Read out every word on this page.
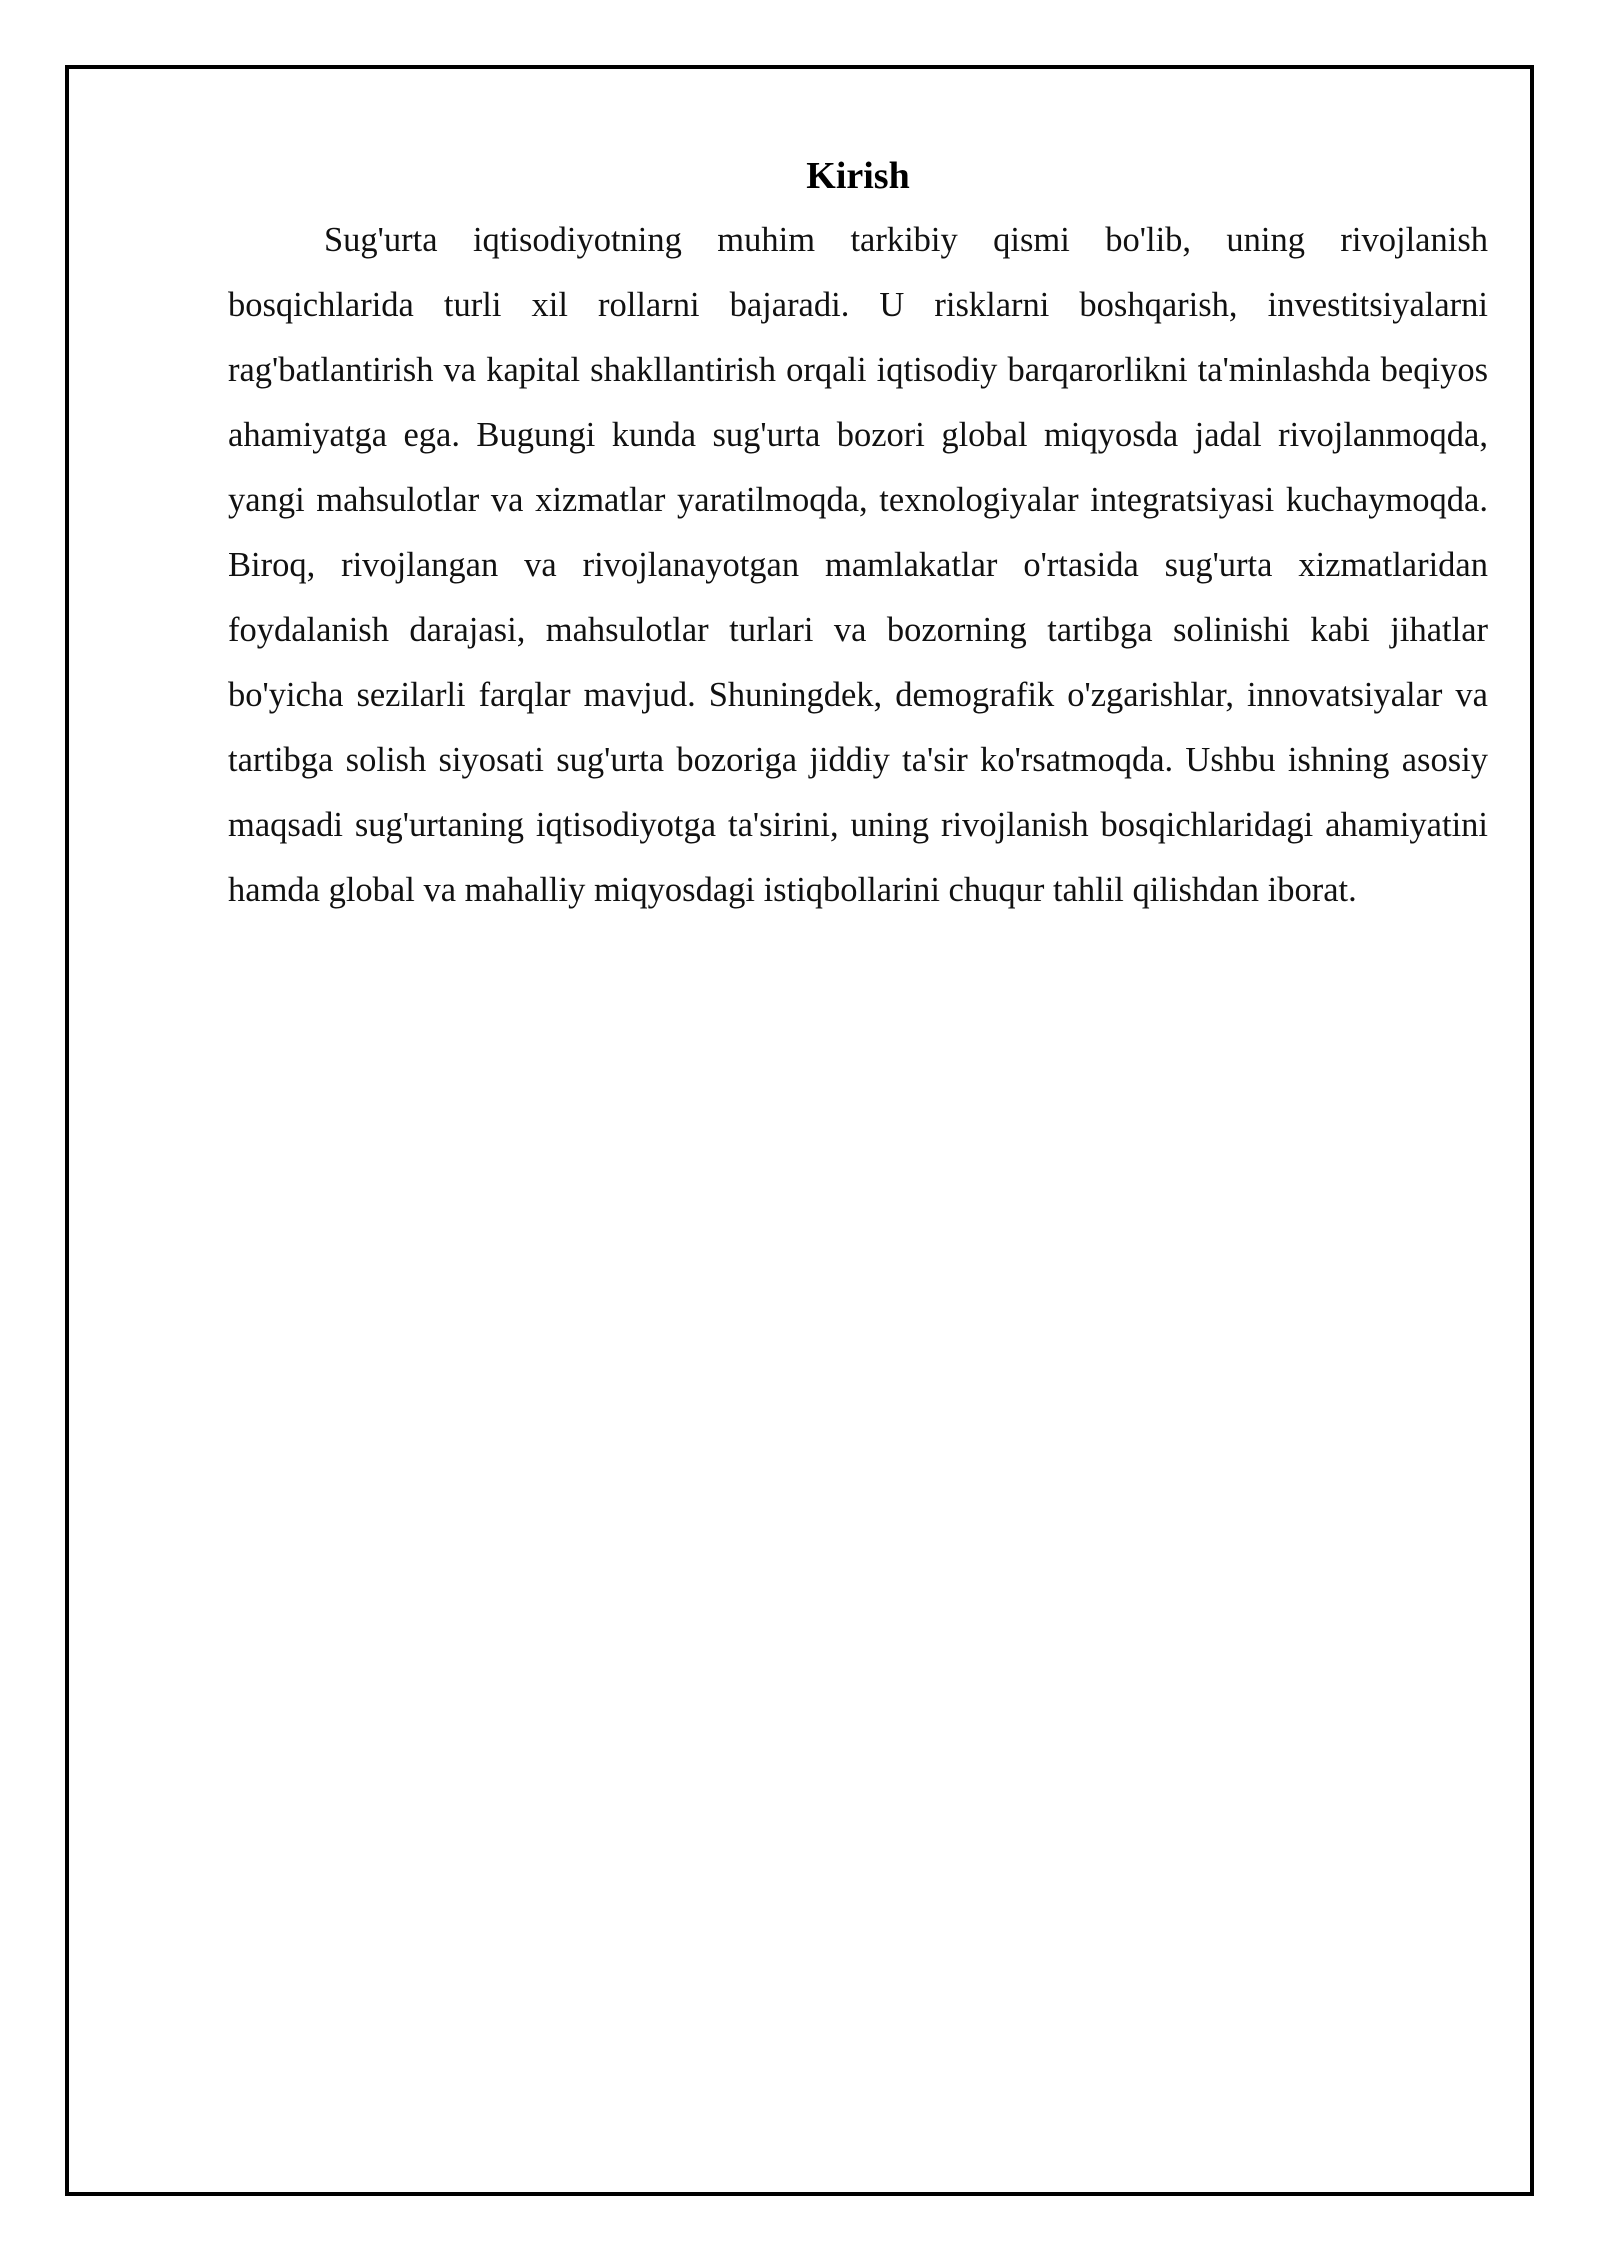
Kirish

Sug'urta iqtisodiyotning muhim tarkibiy qismi bo'lib, uning rivojlanish bosqichlarida turli xil rollarni bajaradi. U risklarni boshqarish, investitsiyalarni rag'batlantirish va kapital shakllantirish orqali iqtisodiy barqarorlikni ta'minlashda beqiyos ahamiyatga ega. Bugungi kunda sug'urta bozori global miqyosda jadal rivojlanmoqda, yangi mahsulotlar va xizmatlar yaratilmoqda, texnologiyalar integratsiyasi kuchaymoqda. Biroq, rivojlangan va rivojlanayotgan mamlakatlar o'rtasida sug'urta xizmatlaridan foydalanish darajasi, mahsulotlar turlari va bozorning tartibga solinishi kabi jihatlar bo'yicha sezilarli farqlar mavjud. Shuningdek, demografik o'zgarishlar, innovatsiyalar va tartibga solish siyosati sug'urta bozoriga jiddiy ta'sir ko'rsatmoqda. Ushbu ishning asosiy maqsadi sug'urtaning iqtisodiyotga ta'sirini, uning rivojlanish bosqichlaridagi ahamiyatini hamda global va mahalliy miqyosdagi istiqbollarini chuqur tahlil qilishdan iborat.
